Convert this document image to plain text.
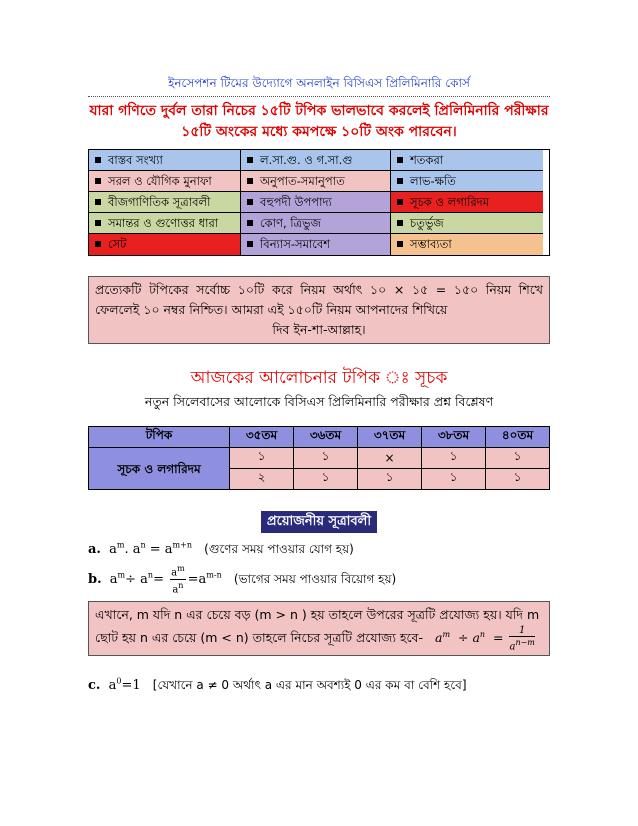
ইনসেপশন টিমের উদ্যোগে অনলাইন বিসিএস প্রিলিমিনারি কোর্স

যারা গণিতে দুর্বল তারা নিচের ১৫টি টপিক ভালভাবে করলেই প্রিলিমিনারি পরীক্ষার ১৫টি অংকের মধ্যে কমপক্ষে ১০টি অংক পারবেন।

বাস্তব সংখ্যা	ল.সা.গু. ও গ.সা.গু	শতকরা
সরল ও যৌগিক মুনাফা	অনুপাত-সমানুপাত	লাভ-ক্ষতি
বীজগাণিতিক সূত্রাবলী	বহুপদী উপপাদ্য	সূচক ও লগারিদম
সমান্তর ও গুণোত্তর ধারা	কোণ, ত্রিভুজ	চতুর্ভুজ
সেট	বিন্যাস-সমাবেশ	সম্ভাব্যতা
প্রত্যেকটি টপিকের সর্বোচ্চ ১০টি করে নিয়ম অর্থাৎ ১০ × ১৫ = ১৫০ নিয়ম শিখে ফেললেই ১০ নম্বর নিশ্চিত। আমরা এই ১৫০টি নিয়ম আপনাদের শিখিয়ে
দিব ইন-শা-আল্লাহ।
আজকের আলোচনার টপিক ঃ সূচক
নতুন সিলেবাসের আলোকে বিসিএস প্রিলিমিনারি পরীক্ষার প্রশ্ন বিশ্লেষণ
টপিক	৩৫তম	৩৬তম	৩৭তম	৩৮তম	৪০তম
সূচক ও লগারিদম	১	১	×	১	১
	২	১	১	১	১
প্রয়োজনীয় সূত্রাবলী
a. $a^m$. $a^n = a^{m+n}$ (গুণের সময় পাওয়ার যোগ হয়)
b. $a^m\div a^n= \frac{a^m}{a^n} =a^{m-n}$ (ভাগের সময় পাওয়ার বিয়োগ হয়)
এখানে, m যদি n এর চেয়ে বড় (m > n ) হয় তাহলে উপরের সূত্রটি প্রযোজ্য হয়। যদি m ছোট হয় n এর চেয়ে (m < n) তাহলে নিচের সূত্রটি প্রযোজ্য হবে- $a^m \div a^n = \frac{1}{a^{n-m}}$
c. $a^0=1$ [যেখানে a ≠ 0 অর্থাৎ a এর মান অবশ্যই 0 এর কম বা বেশি হবে]
